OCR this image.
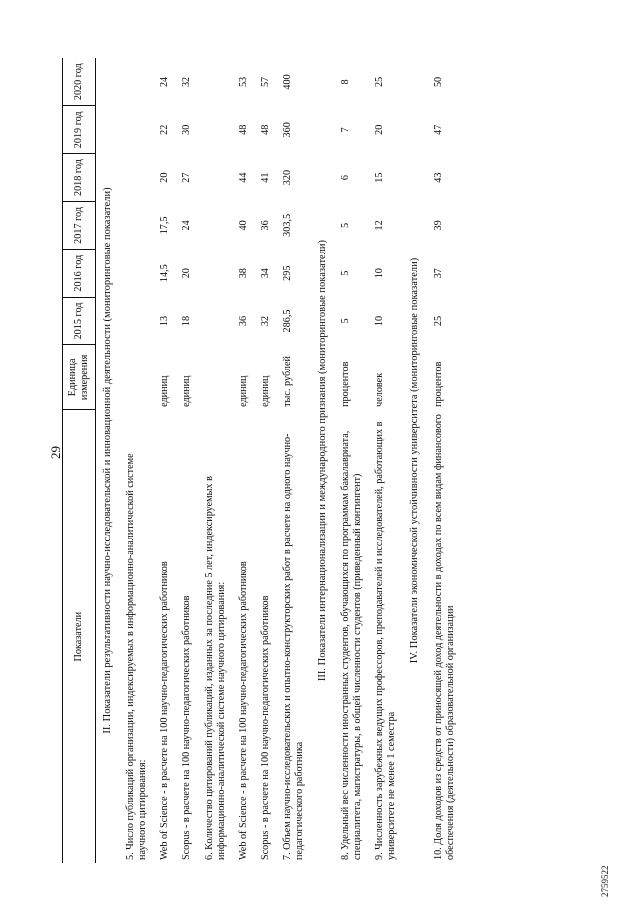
29
Показатели	Единица измерения	2015 год	2016 год	2017 год	2018 год	2019 год	2020 год
II. Показатели результативности научно-исследовательской и инновационной деятельности (мониторинговые показатели)							
5. Число публикаций организации, индексируемых в информационно-аналитической системе научного цитирования:							
Web of Science - в расчете на 100 научно-педагогических работников	единиц	13	14,5	17,5	20	22	24
Scopus - в расчете на 100 научно-педагогических работников	единиц	18	20	24	27	30	32
6. Количество цитирований публикаций, изданных за последние 5 лет, индексируемых в информационно-аналитической системе научного цитирования:							
Web of Science - в расчете на 100 научно-педагогических работников	единиц	36	38	40	44	48	53
Scopus - в расчете на 100 научно-педагогических работников	единиц	32	34	36	41	48	57
7. Объем научно-исследовательских и опытно-конструкторских работ в расчете на одного научно-педагогического работника	тыс. рублей	286,5	295	303,5	320	360	400
III. Показатели интернационализации и международного признания (мониторинговые показатели)							
8. Удельный вес численности иностранных студентов, обучающихся по программам бакалавриата, специалитета, магистратуры, в общей численности студентов (приведенный контингент)	процентов	5	5	5	6	7	8
9. Численность зарубежных ведущих профессоров, преподавателей и исследователей, работающих в университете не менее 1 семестра	человек	10	10	12	15	20	25
IV. Показатели экономической устойчивности университета (мониторинговые показатели)							
10. Доля доходов из средств от приносящей доход деятельности в доходах по всем видам финансового обеспечения (деятельности) образовательной организации	процентов	25	37	39	43	47	50
2759522
